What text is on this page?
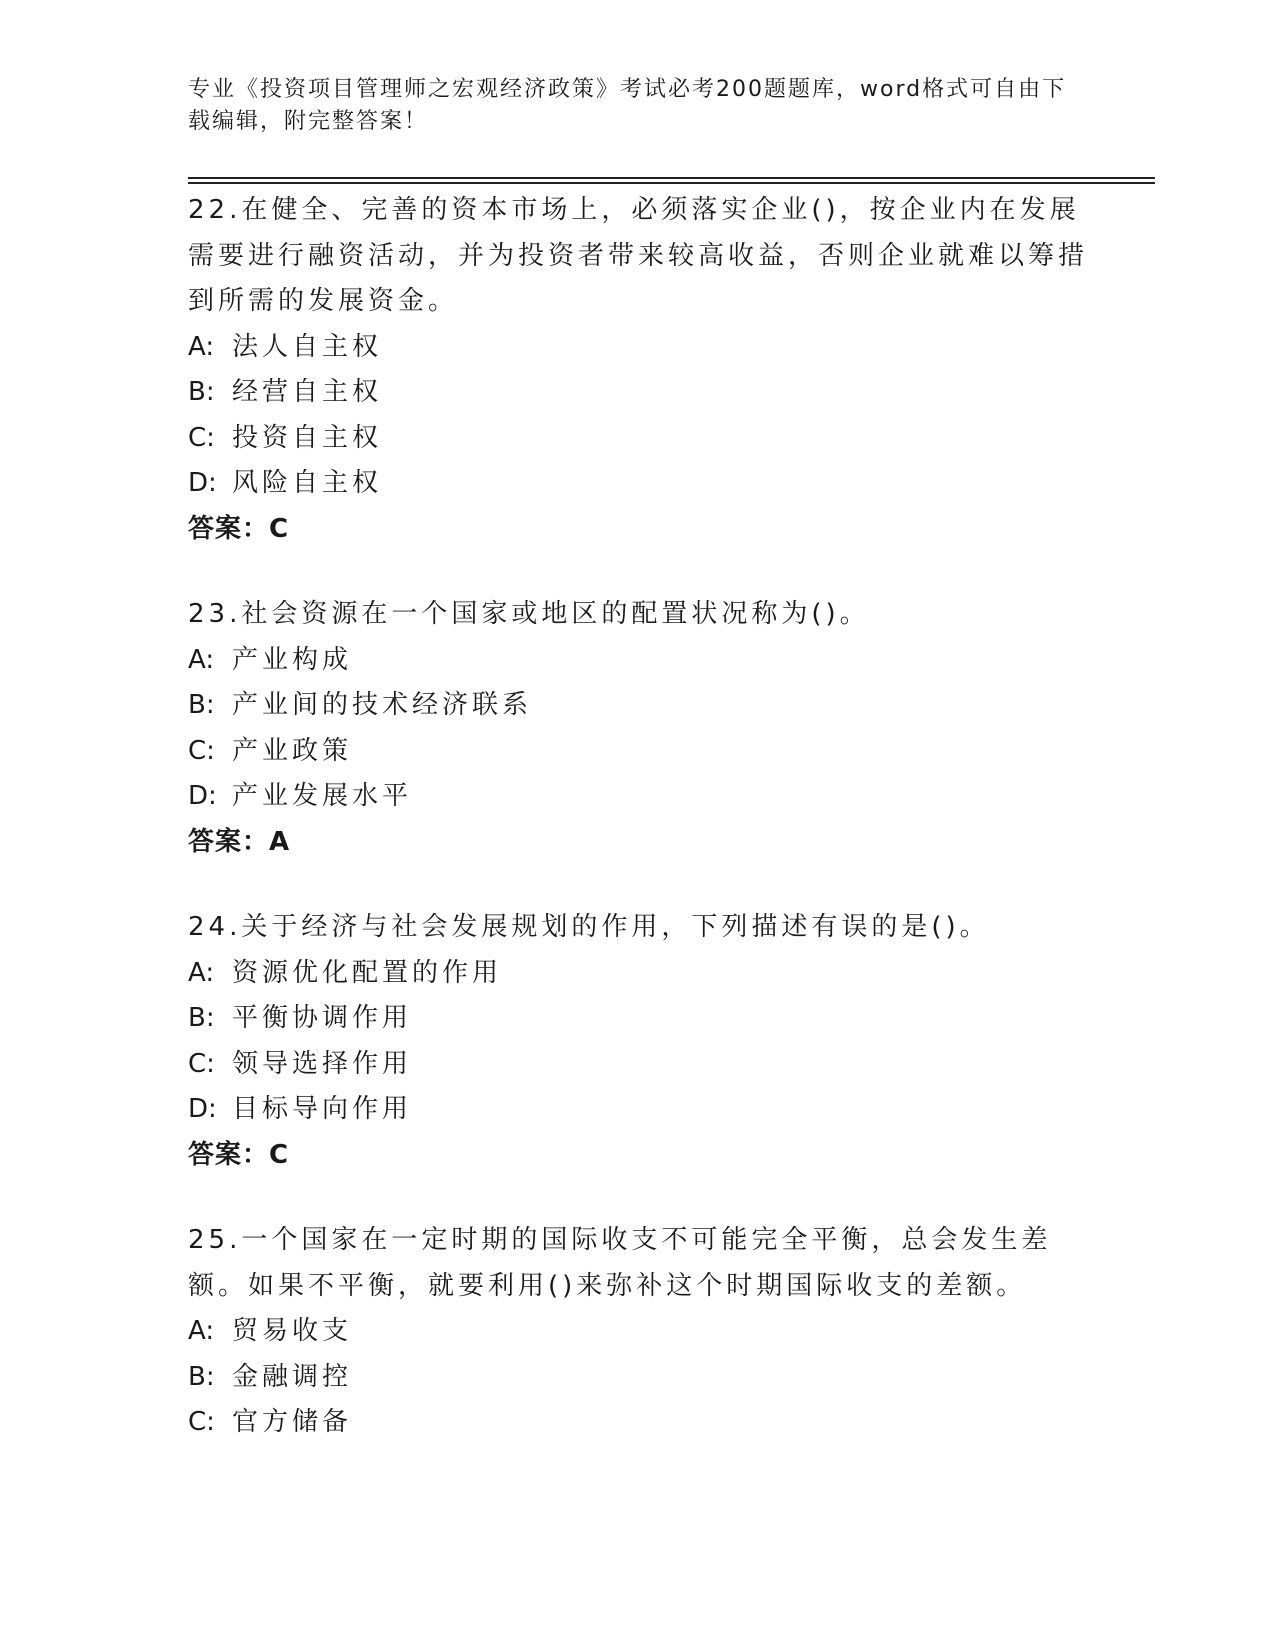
专业《投资项目管理师之宏观经济政策》考试必考200题题库，word格式可自由下载编辑，附完整答案！
22.在健全、完善的资本市场上，必须落实企业()，按企业内在发展需要进行融资活动，并为投资者带来较高收益，否则企业就难以筹措到所需的发展资金。
A: 法人自主权
B: 经营自主权
C: 投资自主权
D: 风险自主权
答案：C
23.社会资源在一个国家或地区的配置状况称为()。
A: 产业构成
B: 产业间的技术经济联系
C: 产业政策
D: 产业发展水平
答案：A
24.关于经济与社会发展规划的作用，下列描述有误的是()。
A: 资源优化配置的作用
B: 平衡协调作用
C: 领导选择作用
D: 目标导向作用
答案：C
25.一个国家在一定时期的国际收支不可能完全平衡，总会发生差额。如果不平衡，就要利用()来弥补这个时期国际收支的差额。
A: 贸易收支
B: 金融调控
C: 官方储备
